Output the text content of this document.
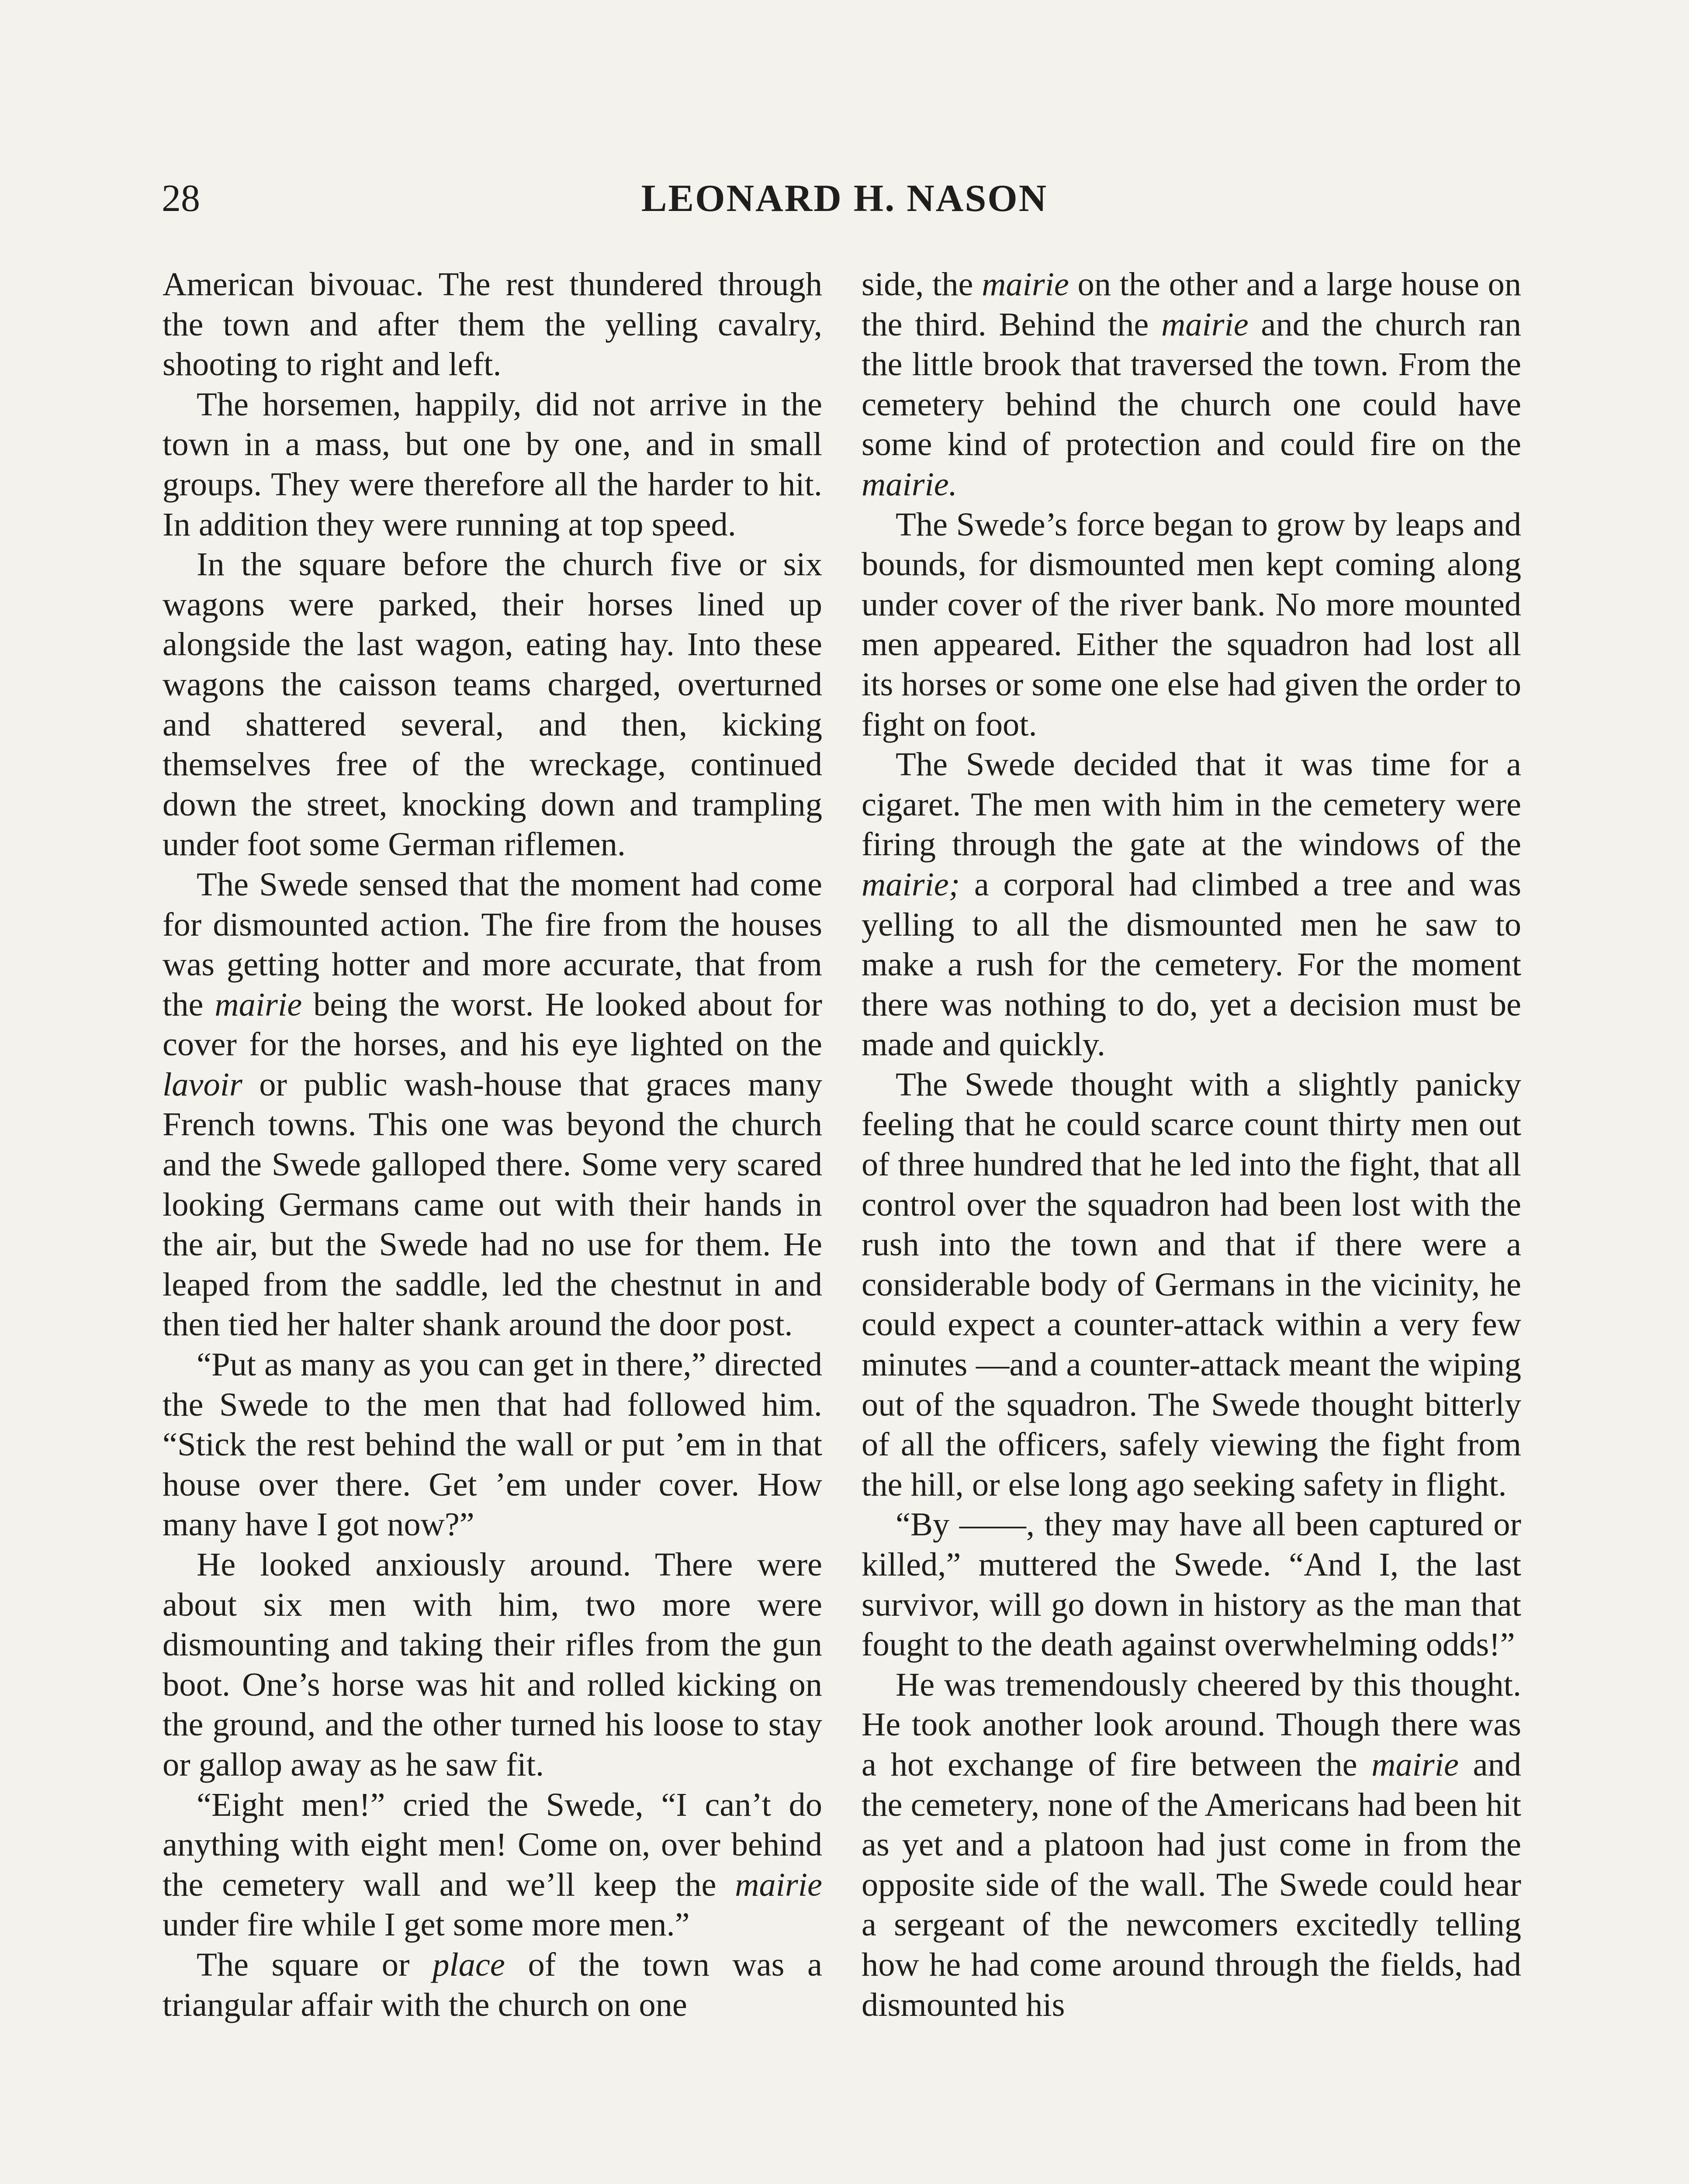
28	LEONARD H. NASON

American bivouac. The rest thundered through the town and after them the yelling cavalry, shooting to right and left.

The horsemen, happily, did not arrive in the town in a mass, but one by one, and in small groups. They were therefore all the harder to hit. In addition they were running at top speed.

In the square before the church five or six wagons were parked, their horses lined up alongside the last wagon, eating hay. Into these wagons the caisson teams charged, overturned and shattered several, and then, kicking themselves free of the wreckage, continued down the street, knocking down and trampling under foot some German riflemen.

The Swede sensed that the moment had come for dismounted action. The fire from the houses was getting hotter and more accurate, that from the mairie being the worst. He looked about for cover for the horses, and his eye lighted on the lavoir or public wash-house that graces many French towns. This one was beyond the church and the Swede galloped there. Some very scared looking Germans came out with their hands in the air, but the Swede had no use for them. He leaped from the saddle, led the chestnut in and then tied her halter shank around the door post.

“Put as many as you can get in there,” directed the Swede to the men that had followed him. “Stick the rest behind the wall or put ’em in that house over there. Get ’em under cover. How many have I got now?”

He looked anxiously around. There were about six men with him, two more were dismounting and taking their rifles from the gun boot. One’s horse was hit and rolled kicking on the ground, and the other turned his loose to stay or gallop away as he saw fit.

“Eight men!” cried the Swede, “I can’t do anything with eight men! Come on, over behind the cemetery wall and we’ll keep the mairie under fire while I get some more men.”

The square or place of the town was a triangular affair with the church on one

side, the mairie on the other and a large house on the third. Behind the mairie and the church ran the little brook that traversed the town. From the cemetery behind the church one could have some kind of protection and could fire on the mairie.

The Swede’s force began to grow by leaps and bounds, for dismounted men kept coming along under cover of the river bank. No more mounted men appeared. Either the squadron had lost all its horses or some one else had given the order to fight on foot.

The Swede decided that it was time for a cigaret. The men with him in the cemetery were firing through the gate at the windows of the mairie; a corporal had climbed a tree and was yelling to all the dismounted men he saw to make a rush for the cemetery. For the moment there was nothing to do, yet a decision must be made and quickly.

The Swede thought with a slightly panicky feeling that he could scarce count thirty men out of three hundred that he led into the fight, that all control over the squadron had been lost with the rush into the town and that if there were a considerable body of Germans in the vicinity, he could expect a counter-attack within a very few minutes —and a counter-attack meant the wiping out of the squadron. The Swede thought bitterly of all the officers, safely viewing the fight from the hill, or else long ago seeking safety in flight.

“By ——, they may have all been captured or killed,” muttered the Swede. “And I, the last survivor, will go down in history as the man that fought to the death against overwhelming odds!”

He was tremendously cheered by this thought. He took another look around. Though there was a hot exchange of fire between the mairie and the cemetery, none of the Americans had been hit as yet and a platoon had just come in from the opposite side of the wall. The Swede could hear a sergeant of the newcomers excitedly telling how he had come around through the fields, had dismounted his
